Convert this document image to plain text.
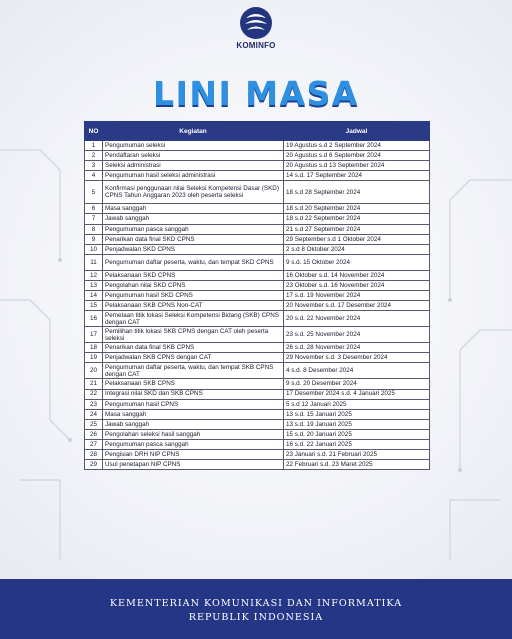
KOMINFO
LINI MASA
NO	Kegiatan	Jadwal
1	Pengumuman seleksi	19 Agustus s.d 2 September 2024
2	Pendaftaran seleksi	20 Agustus s.d 6 September 2024
3	Seleksi administrasi	20 Agustus s.d 13 September 2024
4	Pengumuman hasil seleksi administrasi	14 s.d. 17 September 2024
5	Konfirmasi penggunaan nilai Seleksi Kompetensi Dasar (SKD) CPNS Tahun Anggaran 2023 oleh peserta seleksi	18 s.d 28 September 2024
6	Masa sanggah	18 s.d 20 September 2024
7	Jawab sanggah	18 s.d 22 September 2024
8	Pengumuman pasca sanggah	21 s.d 27 September 2024
9	Penarikan data final SKD CPNS	29 September s.d 1 Oktober 2024
10	Penjadwalan SKD CPNS	2 s.d 8 Oktober 2024
11	Pengumuman daftar peserta, waktu, dan tempat SKD CPNS	9 s.d. 15 Oktober 2024
12	Pelaksanaan SKD CPNS	16 Oktober s.d. 14 November 2024
13	Pengolahan nilai SKD CPNS	23 Oktober s.d. 16 November 2024
14	Pengumuman hasil SKD CPNS	17 s.d. 19 November 2024
15	Pelaksanaan SKB CPNS Non-CAT	20 November s.d. 17 Desember 2024
16	Pemetaan titik lokasi Seleksi Kompetensi Bidang (SKB) CPNS dengan CAT	20 s.d. 22 November 2024
17	Pemilihan titik lokasi SKB CPNS dengan CAT oleh peserta seleksi	23 s.d. 25 November 2024
18	Penarikan data final SKB CPNS	26 s.d. 28 November 2024
19	Penjadwalan SKB CPNS dengan CAT	29 November s.d. 3 Desember 2024
20	Pengumuman daftar peserta, waktu, dan tempat SKB CPNS dengan CAT	4 s.d. 8 Desember 2024
21	Pelaksanaan SKB CPNS	9 s.d. 20 Desember 2024
22	Integrasi nilai SKD dan SKB CPNS	17 Desember 2024 s.d. 4 Januari 2025
23	Pengumuman hasil CPNS	5 s.d 12 Januari 2025
24	Masa sanggah	13 s.d. 15 Januari 2025
25	Jawab sanggah	13 s.d. 19 Januari 2025
26	Pengolahan seleksi hasil sanggah	15 s.d. 20 Januari 2025
27	Pengumuman pasca sanggah	16 s.d. 22 Januari 2025
28	Pengisian DRH NIP CPNS	23 Januari s.d. 21 Februari 2025
29	Usul penetapan NIP CPNS	22 Februari s.d. 23 Maret 2025
KEMENTERIAN KOMUNIKASI DAN INFORMATIKA
REPUBLIK INDONESIA
